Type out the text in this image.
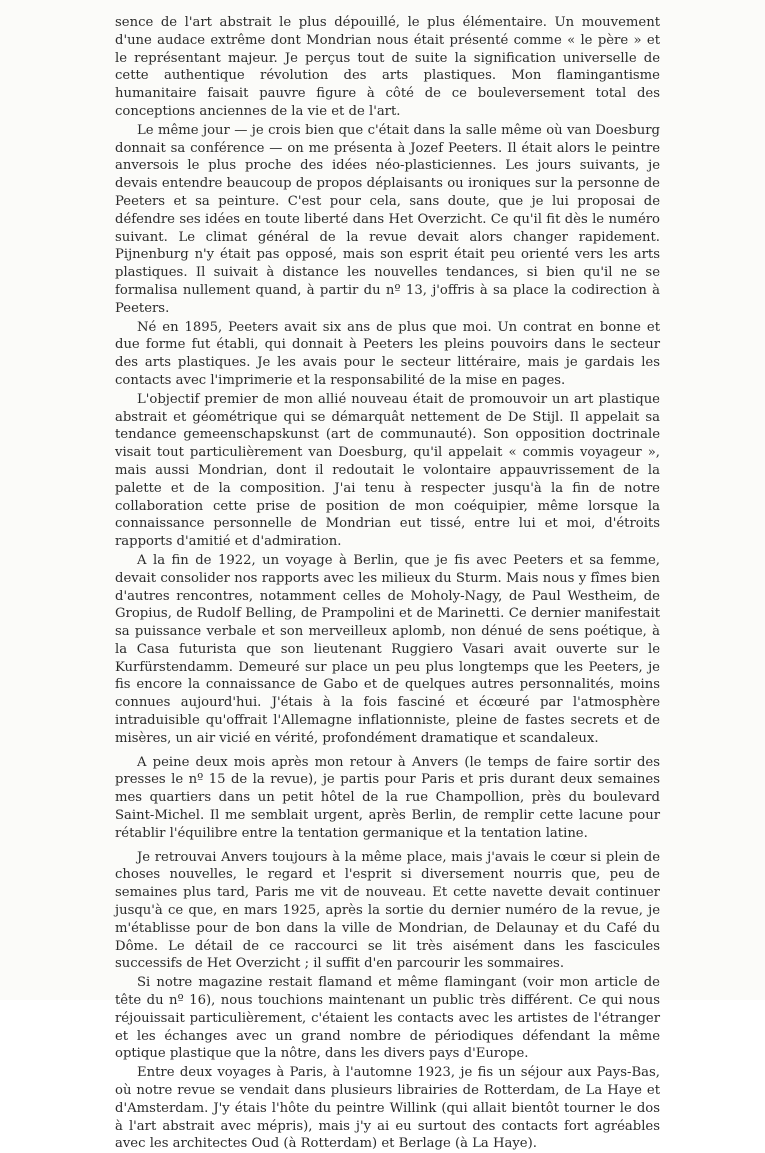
sence de l'art abstrait le plus dépouillé, le plus élémentaire. Un mouvement d'une audace extrême dont Mondrian nous était présenté comme « le père » et le représentant majeur. Je perçus tout de suite la signification universelle de cette authentique révolution des arts plastiques. Mon flamingantisme humanitaire faisait pauvre figure à côté de ce bouleversement total des conceptions anciennes de la vie et de l'art.

Le même jour — je crois bien que c'était dans la salle même où van Doesburg donnait sa conférence — on me présenta à Jozef Peeters. Il était alors le peintre anversois le plus proche des idées néo-plasticiennes. Les jours suivants, je devais entendre beaucoup de propos déplaisants ou ironiques sur la personne de Peeters et sa peinture. C'est pour cela, sans doute, que je lui proposai de défendre ses idées en toute liberté dans Het Overzicht. Ce qu'il fit dès le numéro suivant. Le climat général de la revue devait alors changer rapidement. Pijnenburg n'y était pas opposé, mais son esprit était peu orienté vers les arts plastiques. Il suivait à distance les nouvelles tendances, si bien qu'il ne se formalisa nullement quand, à partir du nº 13, j'offris à sa place la codirection à Peeters.

Né en 1895, Peeters avait six ans de plus que moi. Un contrat en bonne et due forme fut établi, qui donnait à Peeters les pleins pouvoirs dans le secteur des arts plastiques. Je les avais pour le secteur littéraire, mais je gardais les contacts avec l'imprimerie et la responsabilité de la mise en pages.

L'objectif premier de mon allié nouveau était de promouvoir un art plastique abstrait et géométrique qui se démarquât nettement de De Stijl. Il appelait sa tendance gemeenschapskunst (art de communauté). Son opposition doctrinale visait tout particulièrement van Doesburg, qu'il appelait « commis voyageur », mais aussi Mondrian, dont il redoutait le volontaire appauvrissement de la palette et de la composition. J'ai tenu à respecter jusqu'à la fin de notre collaboration cette prise de position de mon coéquipier, même lorsque la connaissance personnelle de Mondrian eut tissé, entre lui et moi, d'étroits rapports d'amitié et d'admiration.

A la fin de 1922, un voyage à Berlin, que je fis avec Peeters et sa femme, devait consolider nos rapports avec les milieux du Sturm. Mais nous y fîmes bien d'autres rencontres, notamment celles de Moholy-Nagy, de Paul Westheim, de Gropius, de Rudolf Belling, de Prampolini et de Marinetti. Ce dernier manifestait sa puissance verbale et son merveilleux aplomb, non dénué de sens poétique, à la Casa futurista que son lieutenant Ruggiero Vasari avait ouverte sur le Kurfürstendamm. Demeuré sur place un peu plus longtemps que les Peeters, je fis encore la connaissance de Gabo et de quelques autres personnalités, moins connues aujourd'hui. J'étais à la fois fasciné et écœuré par l'atmosphère intraduisible qu'offrait l'Allemagne inflationniste, pleine de fastes secrets et de misères, un air vicié en vérité, profondément dramatique et scandaleux.

A peine deux mois après mon retour à Anvers (le temps de faire sortir des presses le nº 15 de la revue), je partis pour Paris et pris durant deux semaines mes quartiers dans un petit hôtel de la rue Champollion, près du boulevard Saint-Michel. Il me semblait urgent, après Berlin, de remplir cette lacune pour rétablir l'équilibre entre la tentation germanique et la tentation latine.

Je retrouvai Anvers toujours à la même place, mais j'avais le cœur si plein de choses nouvelles, le regard et l'esprit si diversement nourris que, peu de semaines plus tard, Paris me vit de nouveau. Et cette navette devait continuer jusqu'à ce que, en mars 1925, après la sortie du dernier numéro de la revue, je m'établisse pour de bon dans la ville de Mondrian, de Delaunay et du Café du Dôme. Le détail de ce raccourci se lit très aisément dans les fascicules successifs de Het Overzicht ; il suffit d'en parcourir les sommaires.

Si notre magazine restait flamand et même flamingant (voir mon article de tête du nº 16), nous touchions maintenant un public très différent. Ce qui nous réjouissait particulièrement, c'étaient les contacts avec les artistes de l'étranger et les échanges avec un grand nombre de périodiques défendant la même optique plastique que la nôtre, dans les divers pays d'Europe.

Entre deux voyages à Paris, à l'automne 1923, je fis un séjour aux Pays-Bas, où notre revue se vendait dans plusieurs librairies de Rotterdam, de La Haye et d'Amsterdam. J'y étais l'hôte du peintre Willink (qui allait bientôt tourner le dos à l'art abstrait avec mépris), mais j'y ai eu surtout des contacts fort agréables avec les architectes Oud (à Rotterdam) et Berlage (à La Haye).
